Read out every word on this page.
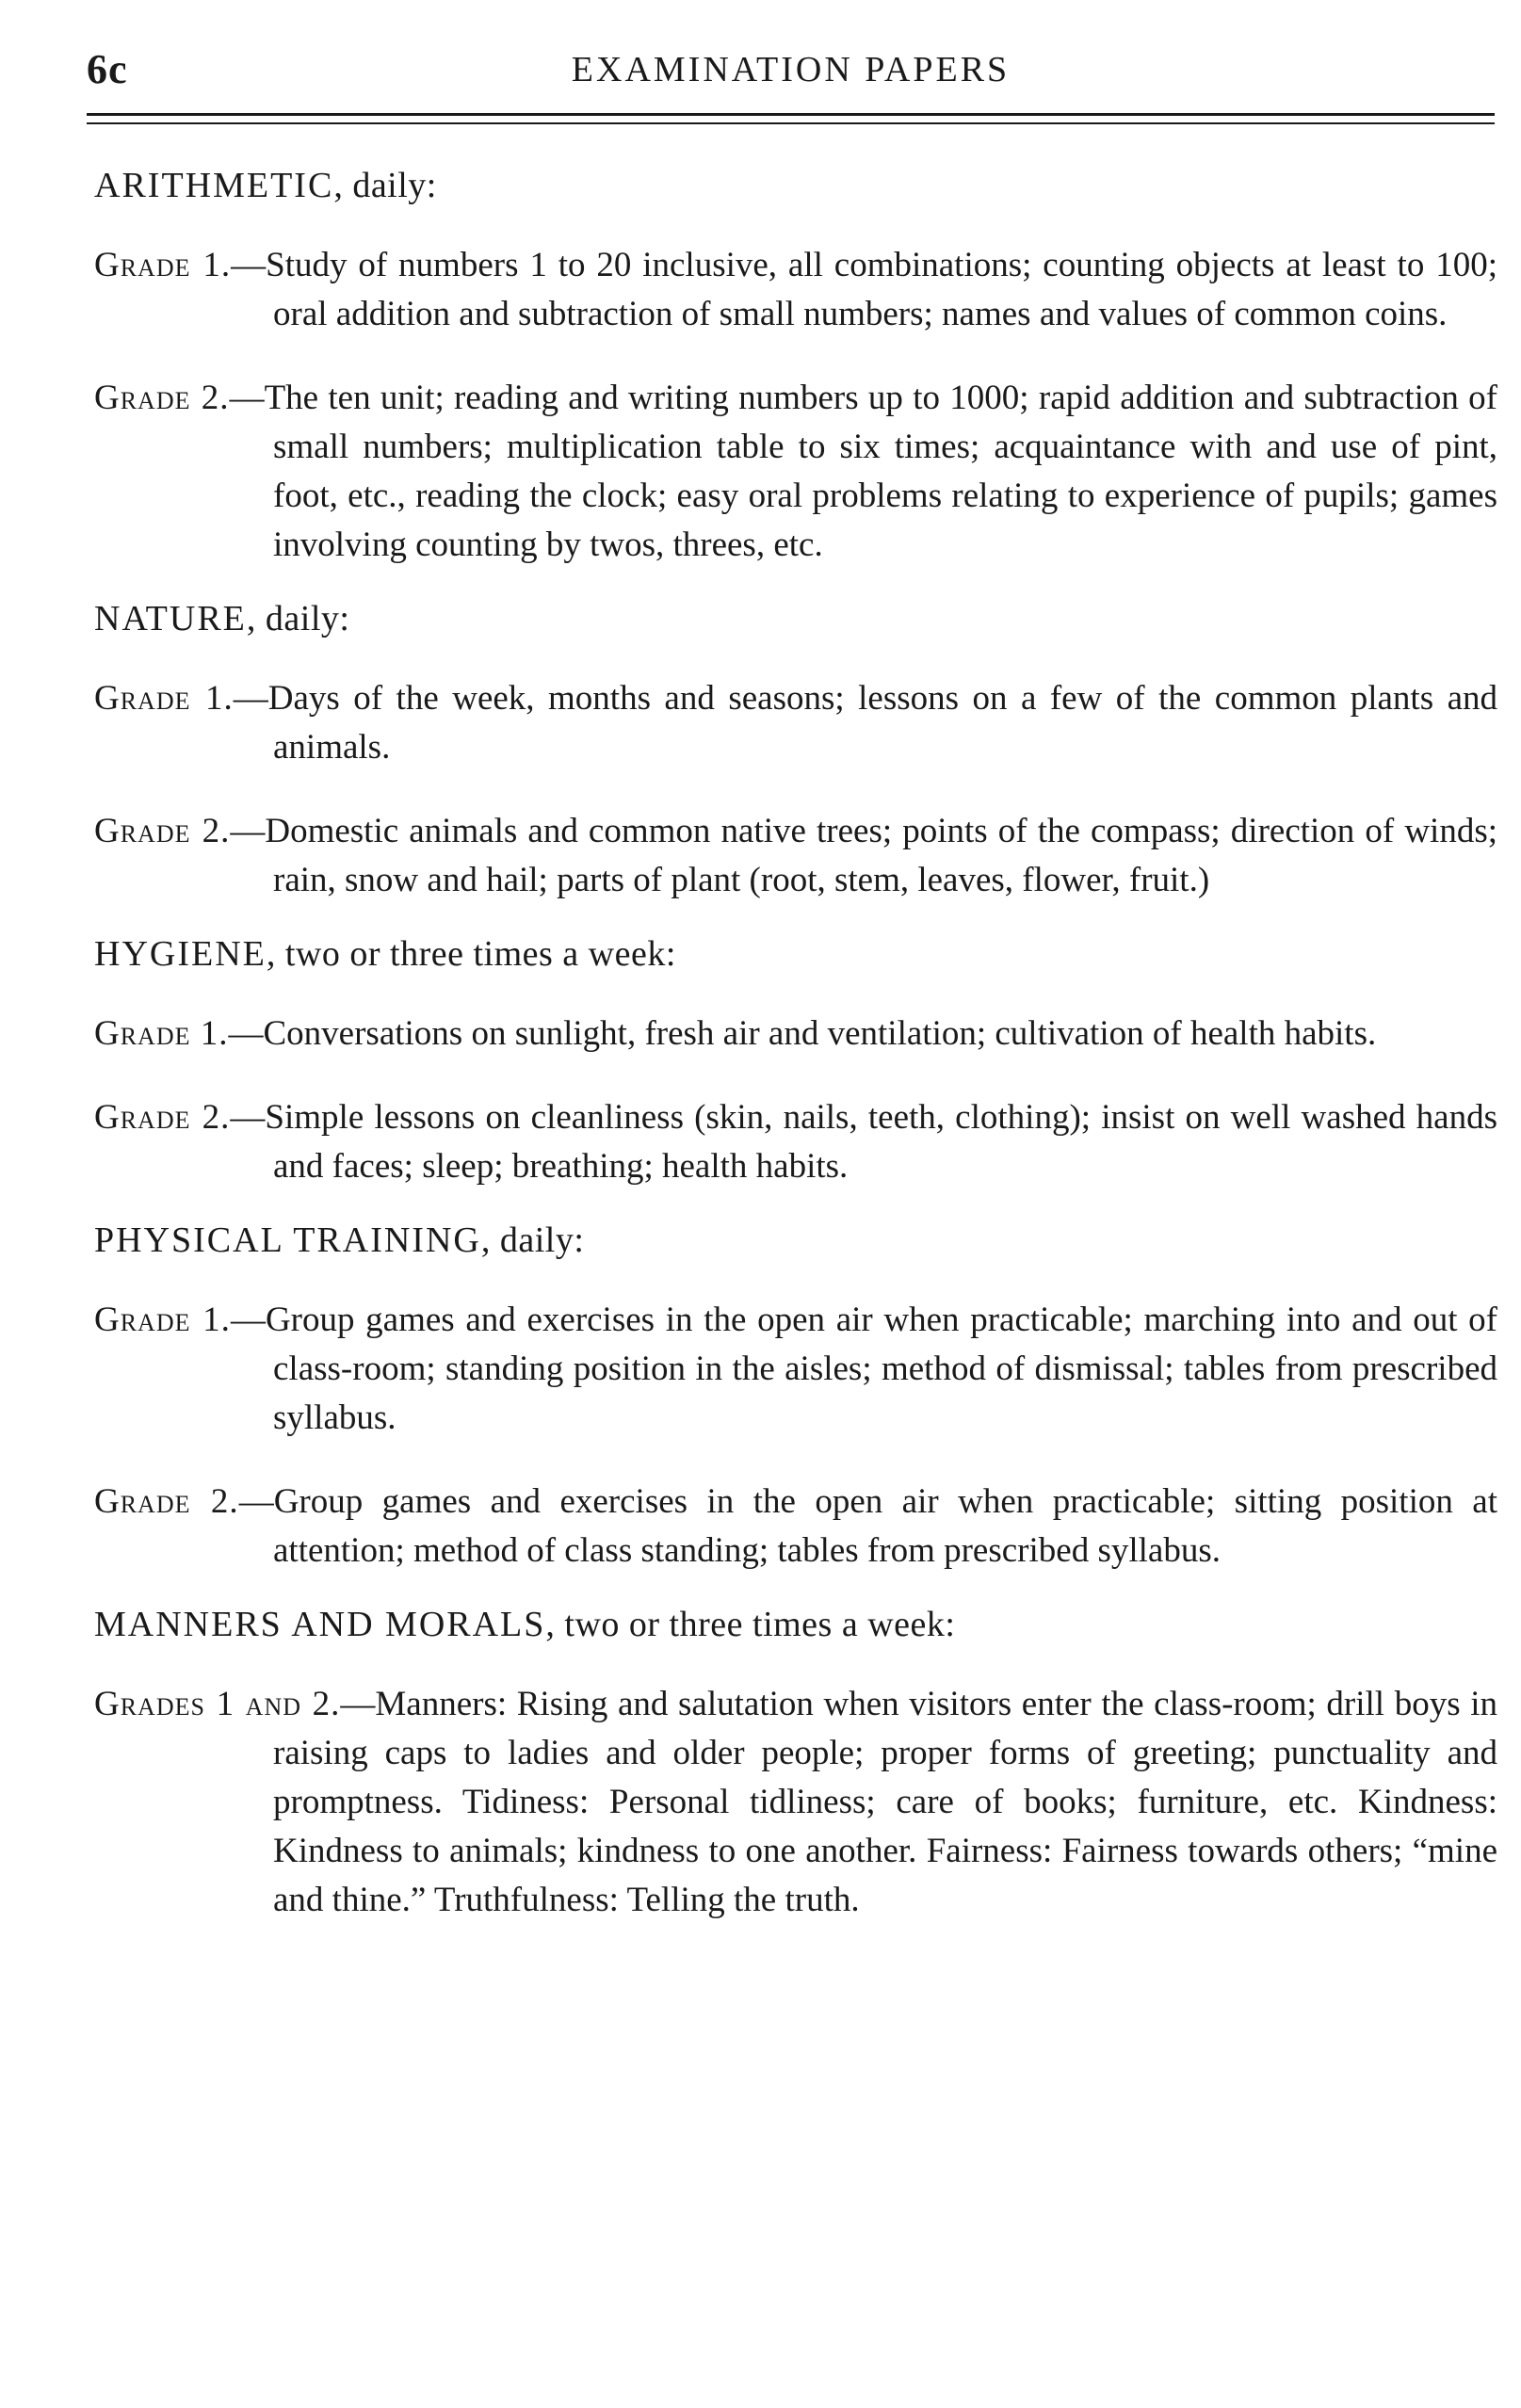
6c	EXAMINATION PAPERS

ARITHMETIC, daily:

Grade 1.—Study of numbers 1 to 20 inclusive, all combinations; counting objects at least to 100; oral addition and subtraction of small numbers; names and values of common coins.

Grade 2.—The ten unit; reading and writing numbers up to 1000; rapid addition and subtraction of small numbers; multiplication table to six times; acquaintance with and use of pint, foot, etc., reading the clock; easy oral problems relating to experience of pupils; games involving counting by twos, threes, etc.

NATURE, daily:

Grade 1.—Days of the week, months and seasons; lessons on a few of the common plants and animals.

Grade 2.—Domestic animals and common native trees; points of the compass; direction of winds; rain, snow and hail; parts of plant (root, stem, leaves, flower, fruit.)

HYGIENE, two or three times a week:

Grade 1.—Conversations on sunlight, fresh air and ventilation; cultivation of health habits.

Grade 2.—Simple lessons on cleanliness (skin, nails, teeth, clothing); insist on well washed hands and faces; sleep; breathing; health habits.

PHYSICAL TRAINING, daily:

Grade 1.—Group games and exercises in the open air when practicable; marching into and out of class-room; standing position in the aisles; method of dismissal; tables from prescribed syllabus.

Grade 2.—Group games and exercises in the open air when practicable; sitting position at attention; method of class standing; tables from prescribed syllabus.

MANNERS AND MORALS, two or three times a week:

Grades 1 and 2.—Manners: Rising and salutation when visitors enter the class-room; drill boys in raising caps to ladies and older people; proper forms of greeting; punctuality and promptness. Tidiness: Personal tidliness; care of books; furniture, etc. Kindness: Kindness to animals; kindness to one another. Fairness: Fairness towards others; “mine and thine.” Truthfulness: Telling the truth.
